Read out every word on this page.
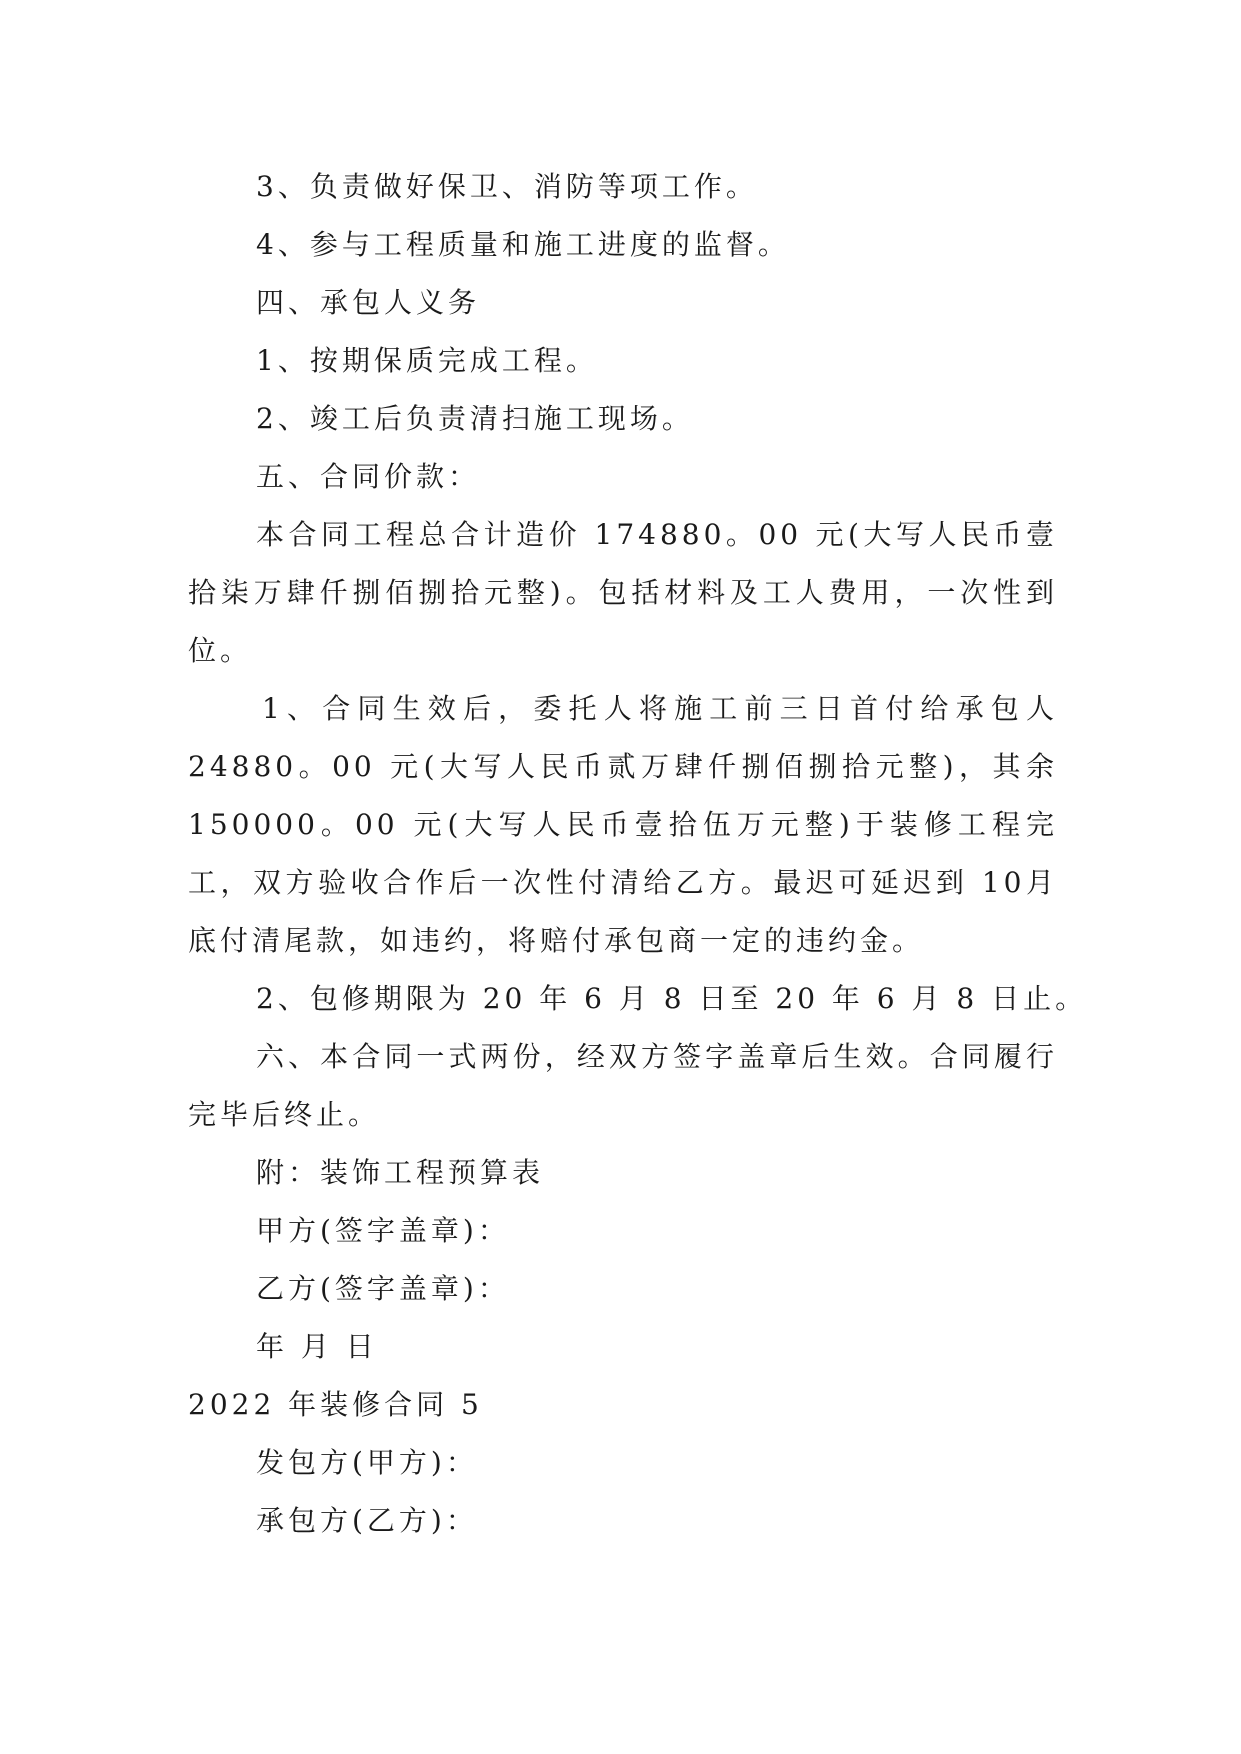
3、负责做好保卫、消防等项工作。
4、参与工程质量和施工进度的监督。
四、承包人义务
1、按期保质完成工程。
2、竣工后负责清扫施工现场。
五、合同价款：

本合同工程总合计造价 174880。00 元(大写人民币壹拾柒万肆仟捌佰捌拾元整)。包括材料及工人费用，一次性到位。

1、合同生效后，委托人将施工前三日首付给承包人 24880。00 元(大写人民币贰万肆仟捌佰捌拾元整)，其余 150000。00 元(大写人民币壹拾伍万元整)于装修工程完工，双方验收合作后一次性付清给乙方。最迟可延迟到 10月底付清尾款，如违约，将赔付承包商一定的违约金。

2、包修期限为 20 年 6 月 8 日至 20 年 6 月 8 日止。

六、本合同一式两份，经双方签字盖章后生效。合同履行完毕后终止。

附：装饰工程预算表
甲方(签字盖章)：
乙方(签字盖章)：
年 月 日
2022 年装修合同 5
发包方(甲方)：
承包方(乙方)：
